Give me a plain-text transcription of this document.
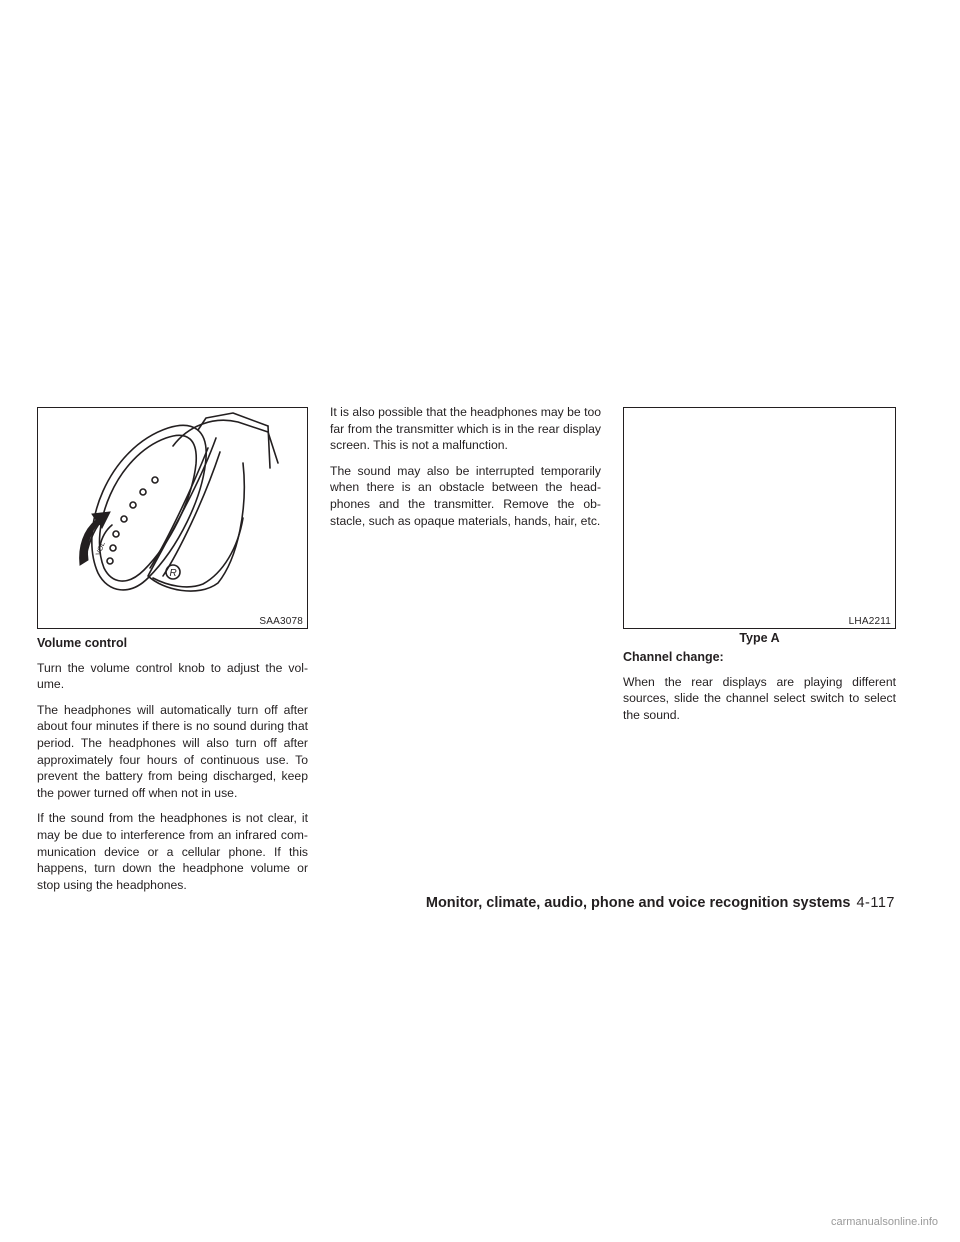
R
VOL
SAA3078	LHA2211
Type A
Volume control

Turn the volume control knob to adjust the vol-ume.

The headphones will automatically turn off after about four minutes if there is no sound during that period. The headphones will also turn off after approximately four hours of continuous use. To prevent the battery from being discharged, keep the power turned off when not in use.

If the sound from the headphones is not clear, it may be due to interference from an infrared com-munication device or a cellular phone. If this happens, turn down the headphone volume or stop using the headphones.

It is also possible that the headphones may be too far from the transmitter which is in the rear display screen. This is not a malfunction.

The sound may also be interrupted temporarily when there is an obstacle between the head-phones and the transmitter. Remove the ob-stacle, such as opaque materials, hands, hair, etc.

Channel change:

When the rear displays are playing different sources, slide the channel select switch to select the sound.

Monitor, climate, audio, phone and voice recognition systems 4-117
carmanualsonline.info
